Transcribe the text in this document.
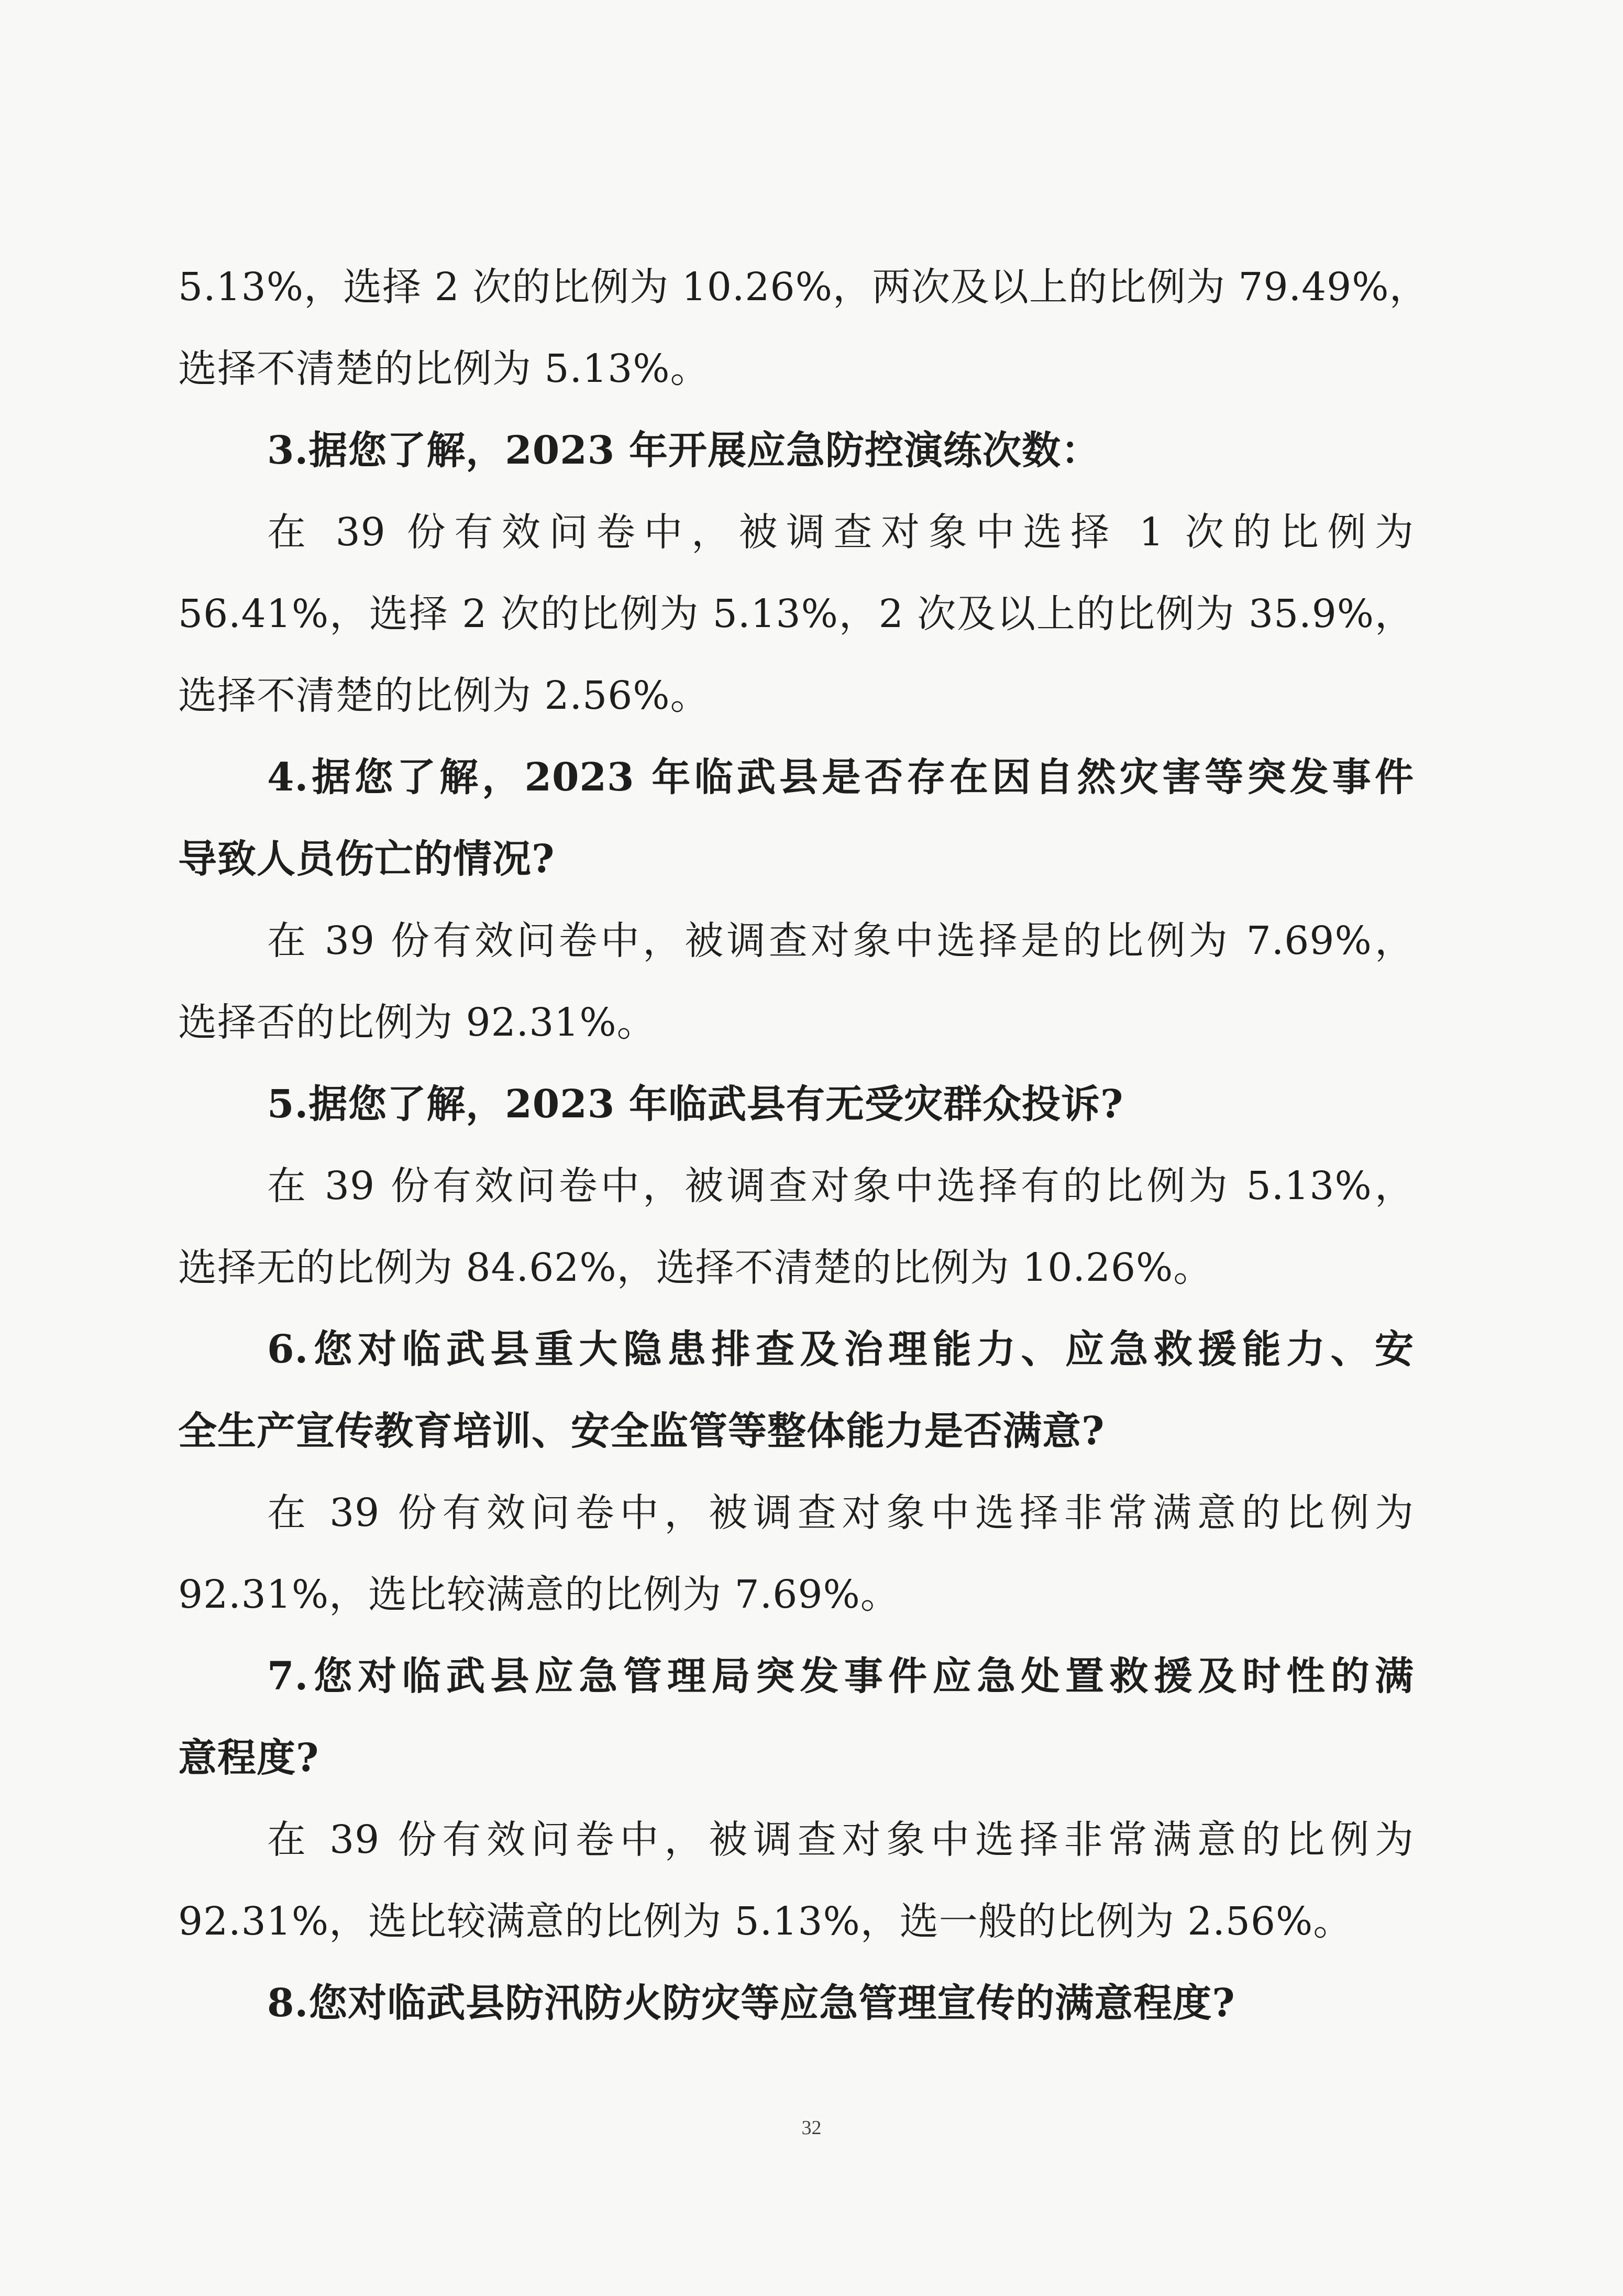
5.13%，选择 2 次的比例为 10.26%，两次及以上的比例为 79.49%，
选择不清楚的比例为 5.13%。
3.据您了解，2023 年开展应急防控演练次数：
在 39 份有效问卷中，被调查对象中选择 1 次的比例为
56.41%，选择 2 次的比例为 5.13%，2 次及以上的比例为 35.9%，
选择不清楚的比例为 2.56%。
4.据您了解，2023 年临武县是否存在因自然灾害等突发事件
导致人员伤亡的情况?
在 39 份有效问卷中，被调查对象中选择是的比例为 7.69%，
选择否的比例为 92.31%。
5.据您了解，2023 年临武县有无受灾群众投诉?
在 39 份有效问卷中，被调查对象中选择有的比例为 5.13%，
选择无的比例为 84.62%，选择不清楚的比例为 10.26%。
6.您对临武县重大隐患排查及治理能力、应急救援能力、安
全生产宣传教育培训、安全监管等整体能力是否满意?
在 39 份有效问卷中，被调查对象中选择非常满意的比例为
92.31%，选比较满意的比例为 7.69%。
7.您对临武县应急管理局突发事件应急处置救援及时性的满
意程度?
在 39 份有效问卷中，被调查对象中选择非常满意的比例为
92.31%，选比较满意的比例为 5.13%，选一般的比例为 2.56%。
8.您对临武县防汛防火防灾等应急管理宣传的满意程度?
32
